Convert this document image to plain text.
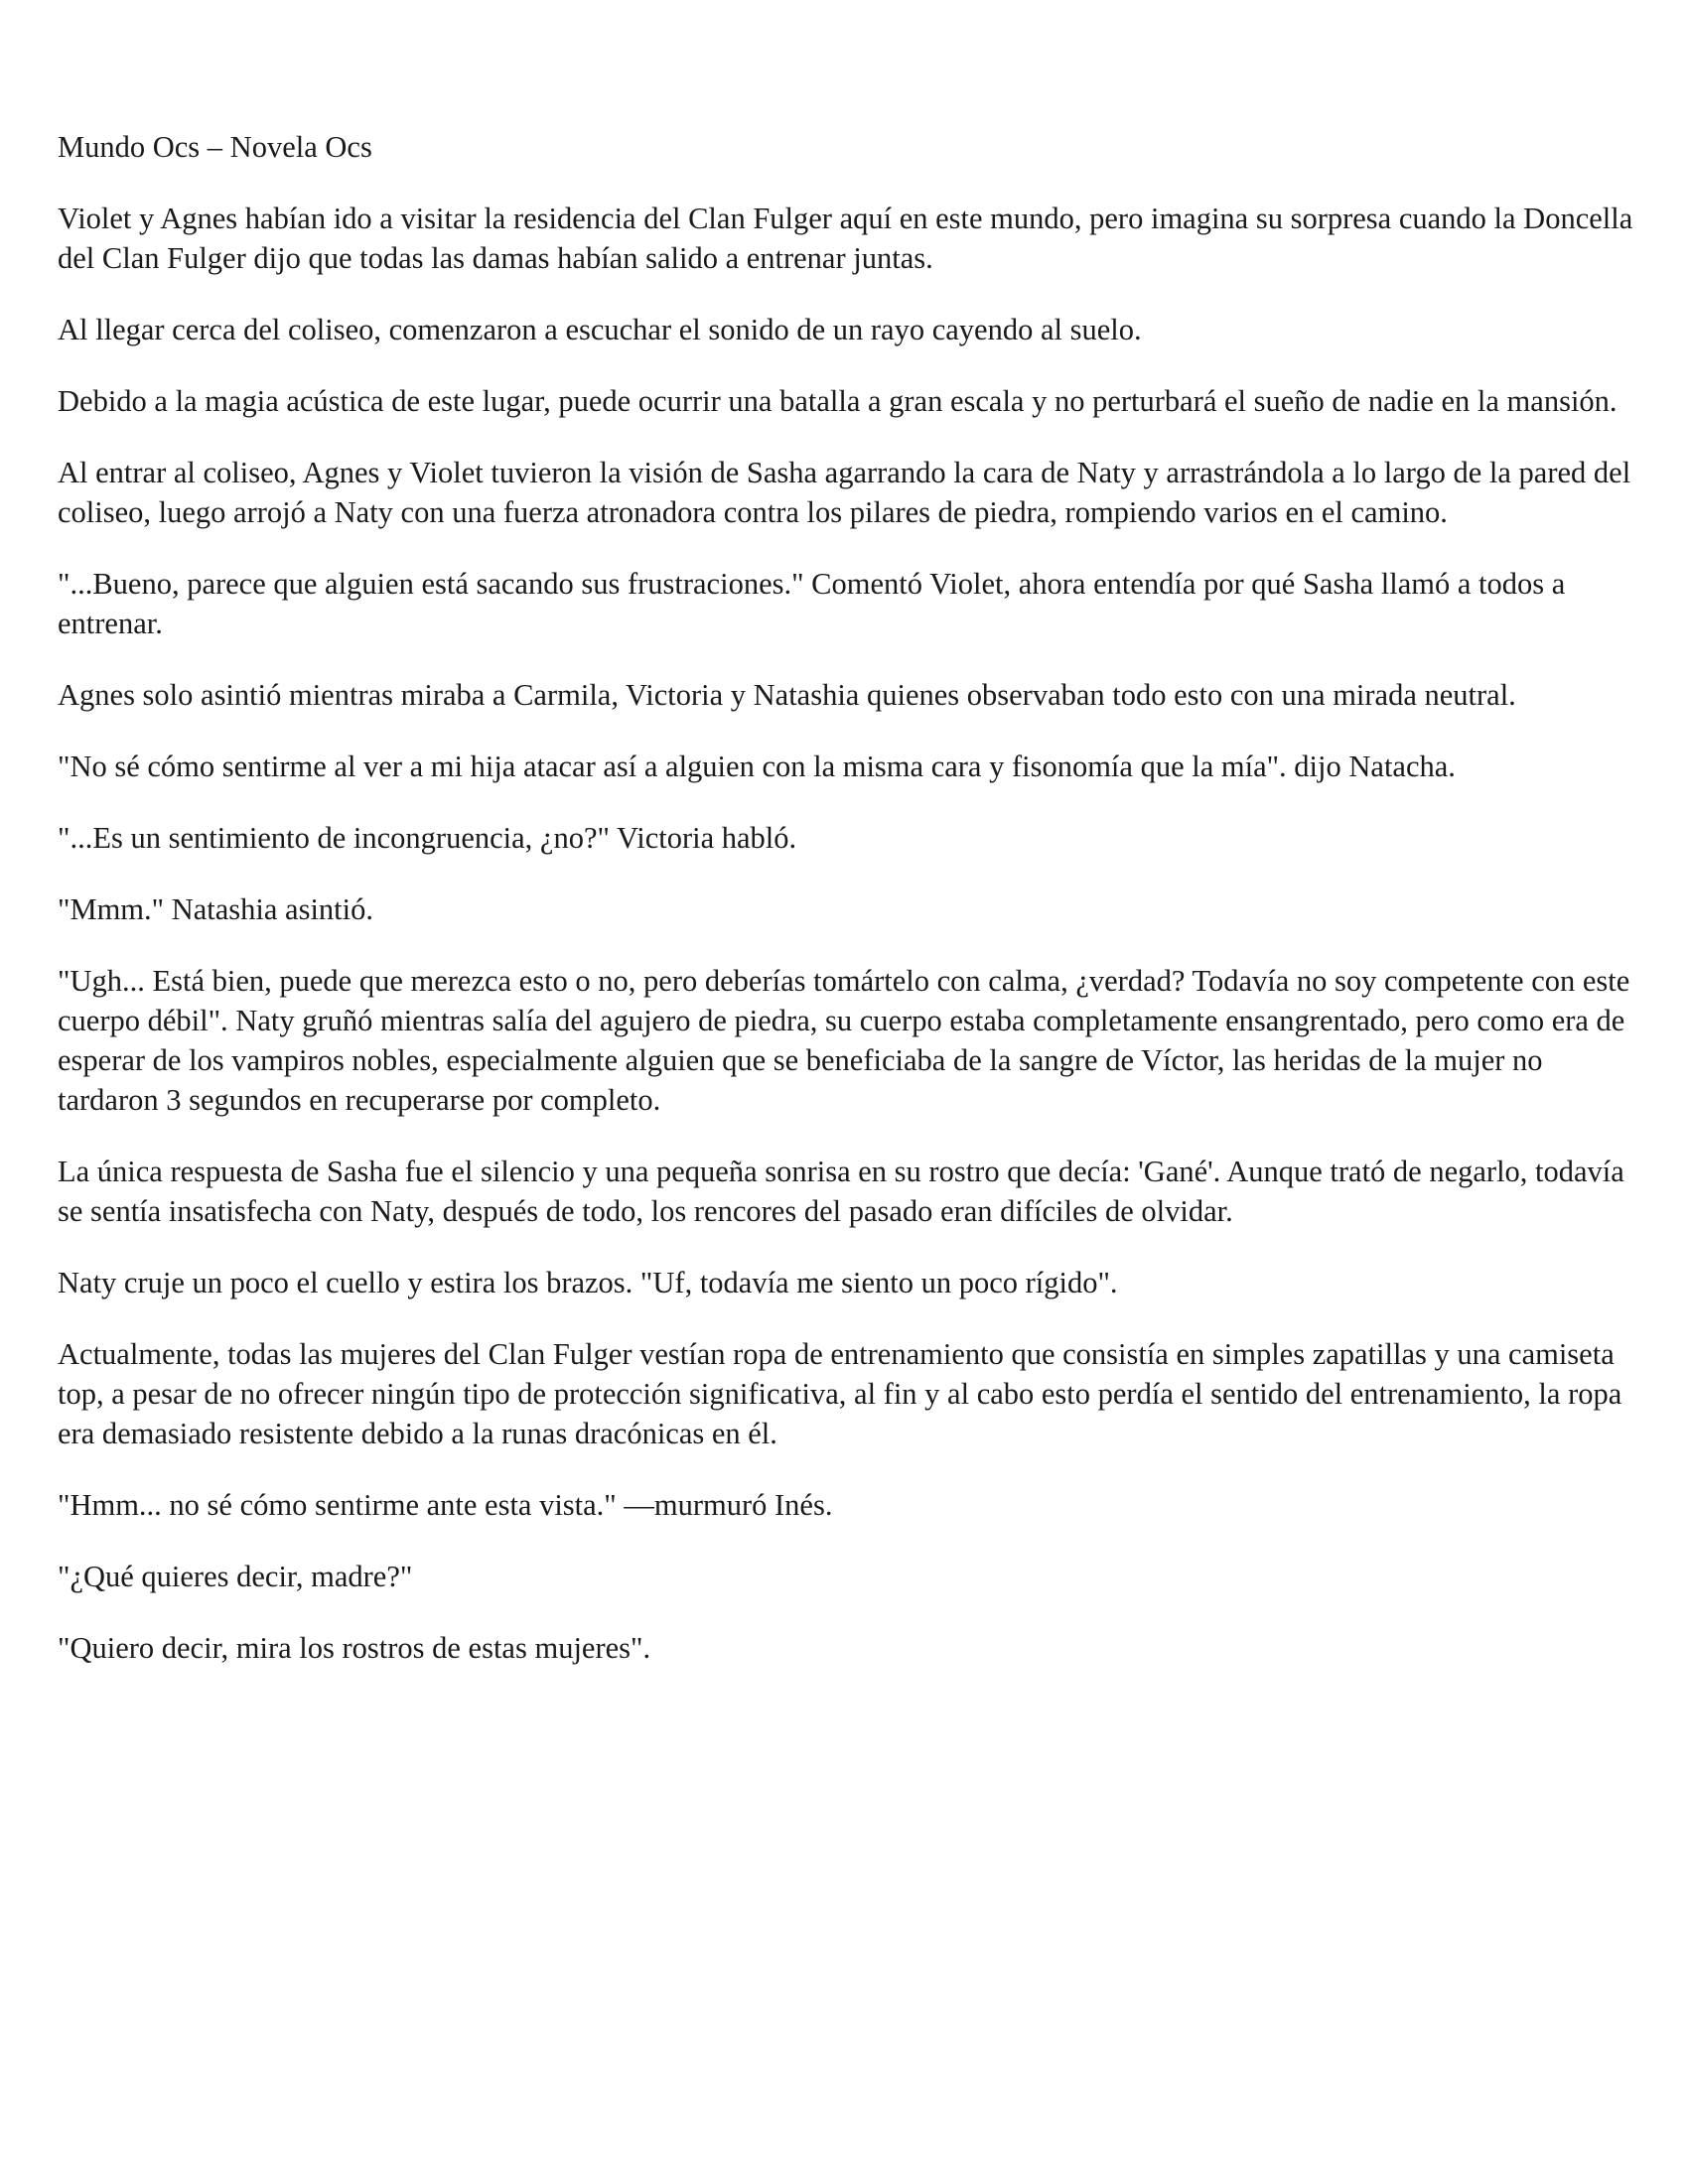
Mundo Ocs – Novela Ocs

Violet y Agnes habían ido a visitar la residencia del Clan Fulger aquí en este mundo, pero imagina su sorpresa cuando la Doncella del Clan Fulger dijo que todas las damas habían salido a entrenar juntas.

Al llegar cerca del coliseo, comenzaron a escuchar el sonido de un rayo cayendo al suelo.

Debido a la magia acústica de este lugar, puede ocurrir una batalla a gran escala y no perturbará el sueño de nadie en la mansión.

Al entrar al coliseo, Agnes y Violet tuvieron la visión de Sasha agarrando la cara de Naty y arrastrándola a lo largo de la pared del coliseo, luego arrojó a Naty con una fuerza atronadora contra los pilares de piedra, rompiendo varios en el camino.

"...Bueno, parece que alguien está sacando sus frustraciones." Comentó Violet, ahora entendía por qué Sasha llamó a todos a entrenar.

Agnes solo asintió mientras miraba a Carmila, Victoria y Natashia quienes observaban todo esto con una mirada neutral.

"No sé cómo sentirme al ver a mi hija atacar así a alguien con la misma cara y fisonomía que la mía". dijo Natacha.

"...Es un sentimiento de incongruencia, ¿no?" Victoria habló.

"Mmm." Natashia asintió.

"Ugh... Está bien, puede que merezca esto o no, pero deberías tomártelo con calma, ¿verdad? Todavía no soy competente con este cuerpo débil". Naty gruñó mientras salía del agujero de piedra, su cuerpo estaba completamente ensangrentado, pero como era de esperar de los vampiros nobles, especialmente alguien que se beneficiaba de la sangre de Víctor, las heridas de la mujer no tardaron 3 segundos en recuperarse por completo.

La única respuesta de Sasha fue el silencio y una pequeña sonrisa en su rostro que decía: 'Gané'. Aunque trató de negarlo, todavía se sentía insatisfecha con Naty, después de todo, los rencores del pasado eran difíciles de olvidar.

Naty cruje un poco el cuello y estira los brazos. "Uf, todavía me siento un poco rígido".

Actualmente, todas las mujeres del Clan Fulger vestían ropa de entrenamiento que consistía en simples zapatillas y una camiseta top, a pesar de no ofrecer ningún tipo de protección significativa, al fin y al cabo esto perdía el sentido del entrenamiento, la ropa era demasiado resistente debido a la runas dracónicas en él.

"Hmm... no sé cómo sentirme ante esta vista." —murmuró Inés.

"¿Qué quieres decir, madre?"

"Quiero decir, mira los rostros de estas mujeres".
